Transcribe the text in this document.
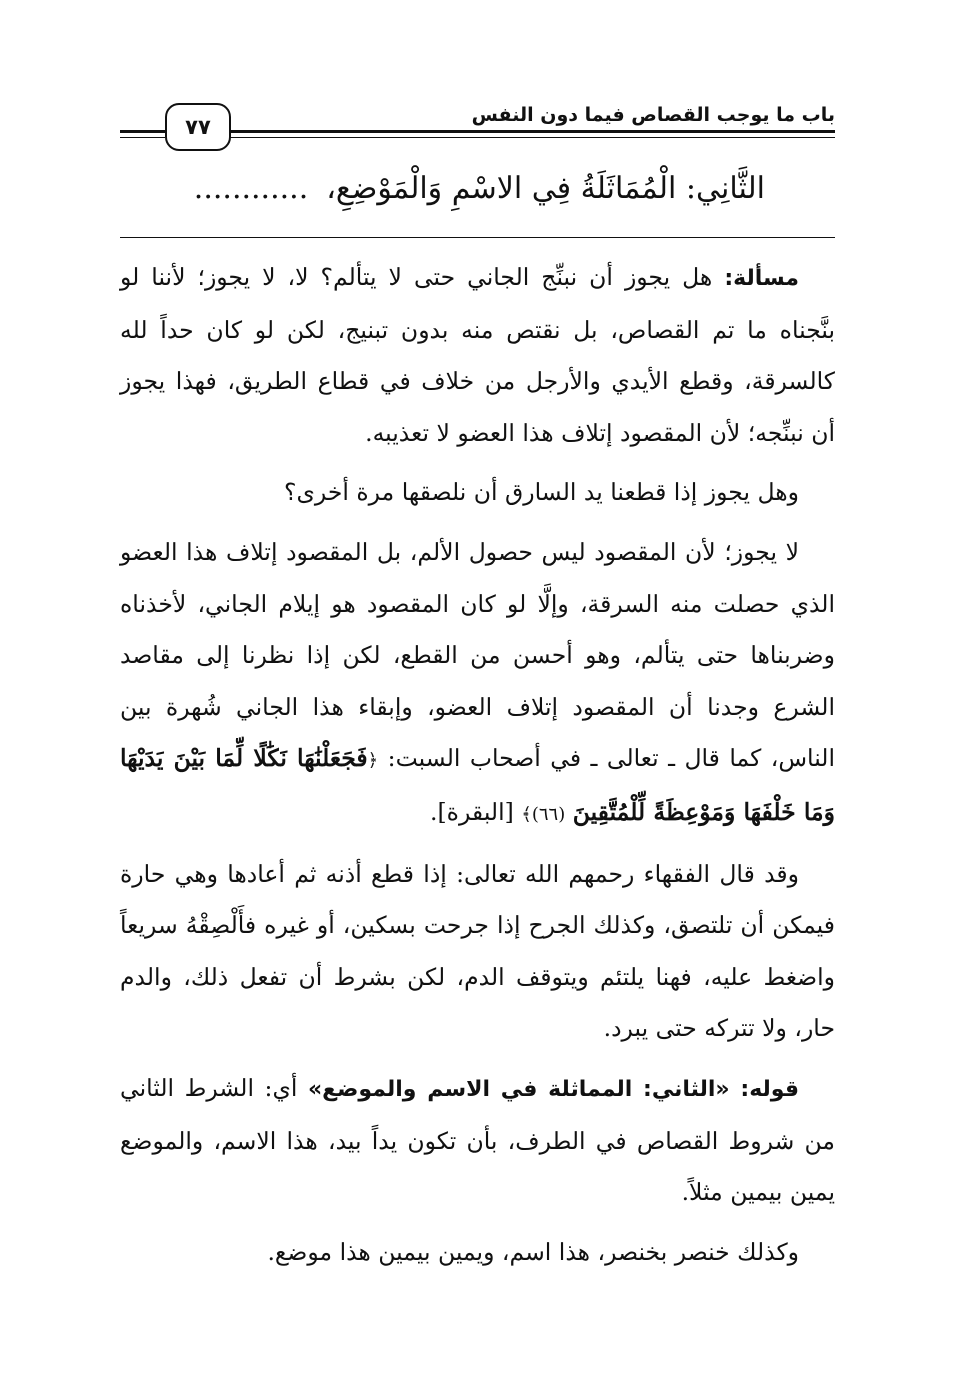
باب ما يوجب القصاص فيما دون النفس
٧٧
الثَّانِي: الْمُمَاثَلَةُ فِي الاسْمِ وَالْمَوْضِعِ،............

مسألة: هل يجوز أن نبنِّج الجاني حتى لا يتألم؟ لا، لا يجوز؛ لأننا لو بنَّجناه ما تم القصاص، بل نقتص منه بدون تبنيج، لكن لو كان حداً لله كالسرقة، وقطع الأيدي والأرجل من خلاف في قطاع الطريق، فهذا يجوز أن نبنِّجه؛ لأن المقصود إتلاف هذا العضو لا تعذيبه.

وهل يجوز إذا قطعنا يد السارق أن نلصقها مرة أخرى؟

لا يجوز؛ لأن المقصود ليس حصول الألم، بل المقصود إتلاف هذا العضو الذي حصلت منه السرقة، وإلَّا لو كان المقصود هو إيلام الجاني، لأخذناه وضربناها حتى يتألم، وهو أحسن من القطع، لكن إذا نظرنا إلى مقاصد الشرع وجدنا أن المقصود إتلاف العضو، وإبقاء هذا الجاني شُهرة بين الناس، كما قال ـ تعالى ـ في أصحاب السبت: ﴿فَجَعَلْنَٰهَا نَكَٰلًا لِّمَا بَيْنَ يَدَيْهَا وَمَا خَلْفَهَا وَمَوْعِظَةً لِّلْمُتَّقِينَ (٦٦)﴾ [البقرة].

وقد قال الفقهاء رحمهم الله تعالى: إذا قطع أذنه ثم أعادها وهي حارة فيمكن أن تلتصق، وكذلك الجرح إذا جرحت بسكين، أو غيره فأَلْصِقْهُ سريعاً واضغط عليه، فهنا يلتئم ويتوقف الدم، لكن بشرط أن تفعل ذلك، والدم حار، ولا تتركه حتى يبرد.

قوله: «الثاني: المماثلة في الاسم والموضع» أي: الشرط الثاني من شروط القصاص في الطرف، بأن تكون يداً بيد، هذا الاسم، والموضع يمين بيمين مثلاً.

وكذلك خنصر بخنصر، هذا اسم، ويمين بيمين هذا موضع.
